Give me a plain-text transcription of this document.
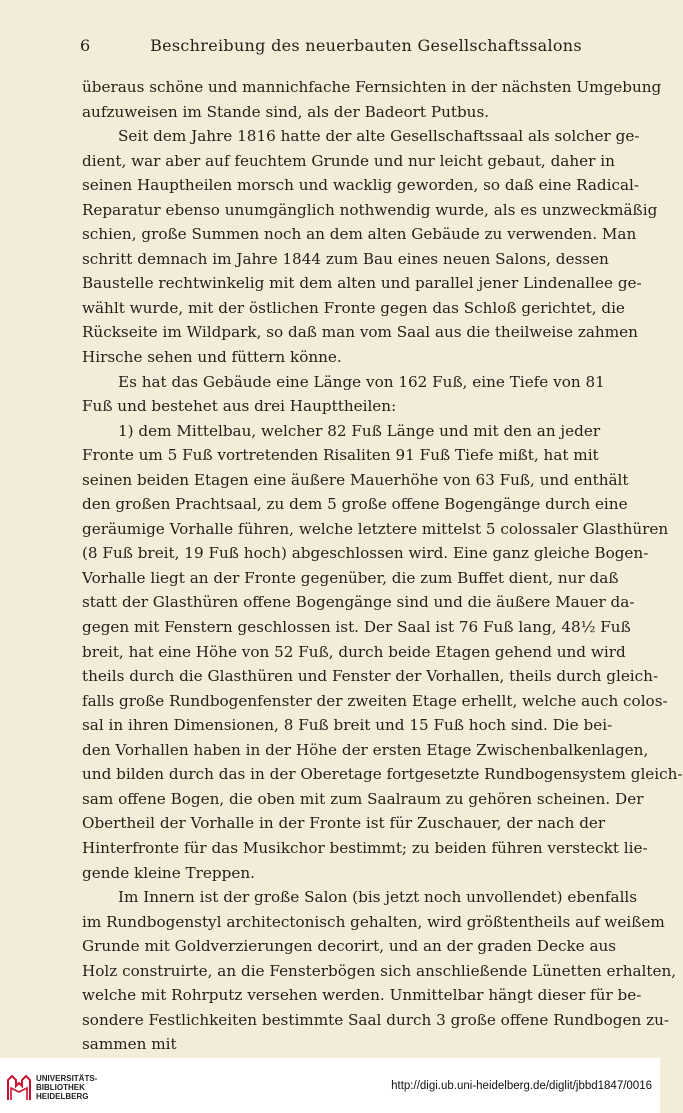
6	Beschreibung des neuerbauten Gesellschaftssalons
überaus schöne und mannichfache Fernsichten in der nächsten Umgebung
aufzuweisen im Stande sind, als der Badeort Putbus.
Seit dem Jahre 1816 hatte der alte Gesellschaftssaal als solcher ge-
dient, war aber auf feuchtem Grunde und nur leicht gebaut, daher in
seinen Hauptheilen morsch und wacklig geworden, so daß eine Radical-
Reparatur ebenso unumgänglich nothwendig wurde, als es unzweckmäßig
schien, große Summen noch an dem alten Gebäude zu verwenden. Man
schritt demnach im Jahre 1844 zum Bau eines neuen Salons, dessen
Baustelle rechtwinkelig mit dem alten und parallel jener Lindenallee ge-
wählt wurde, mit der östlichen Fronte gegen das Schloß gerichtet, die
Rückseite im Wildpark, so daß man vom Saal aus die theilweise zahmen
Hirsche sehen und füttern könne.
Es hat das Gebäude eine Länge von 162 Fuß, eine Tiefe von 81
Fuß und bestehet aus drei Haupttheilen:
1) dem Mittelbau, welcher 82 Fuß Länge und mit den an jeder
Fronte um 5 Fuß vortretenden Risaliten 91 Fuß Tiefe mißt, hat mit
seinen beiden Etagen eine äußere Mauerhöhe von 63 Fuß, und enthält
den großen Prachtsaal, zu dem 5 große offene Bogengänge durch eine
geräumige Vorhalle führen, welche letztere mittelst 5 colossaler Glasthüren
(8 Fuß breit, 19 Fuß hoch) abgeschlossen wird. Eine ganz gleiche Bogen-
Vorhalle liegt an der Fronte gegenüber, die zum Buffet dient, nur daß
statt der Glasthüren offene Bogengänge sind und die äußere Mauer da-
gegen mit Fenstern geschlossen ist. Der Saal ist 76 Fuß lang, 48½ Fuß
breit, hat eine Höhe von 52 Fuß, durch beide Etagen gehend und wird
theils durch die Glasthüren und Fenster der Vorhallen, theils durch gleich-
falls große Rundbogenfenster der zweiten Etage erhellt, welche auch colos-
sal in ihren Dimensionen, 8 Fuß breit und 15 Fuß hoch sind. Die bei-
den Vorhallen haben in der Höhe der ersten Etage Zwischenbalkenlagen,
und bilden durch das in der Oberetage fortgesetzte Rundbogensystem gleich-
sam offene Bogen, die oben mit zum Saalraum zu gehören scheinen. Der
Obertheil der Vorhalle in der Fronte ist für Zuschauer, der nach der
Hinterfronte für das Musikchor bestimmt; zu beiden führen versteckt lie-
gende kleine Treppen.
Im Innern ist der große Salon (bis jetzt noch unvollendet) ebenfalls
im Rundbogenstyl architectonisch gehalten, wird größtentheils auf weißem
Grunde mit Goldverzierungen decorirt, und an der graden Decke aus
Holz construirte, an die Fensterbögen sich anschließende Lünetten erhalten,
welche mit Rohrputz versehen werden. Unmittelbar hängt dieser für be-
sondere Festlichkeiten bestimmte Saal durch 3 große offene Rundbogen zu-
sammen mit
UNIVERSITÄTS-
BIBLIOTHEK
HEIDELBERG
http://digi.ub.uni-heidelberg.de/diglit/jbbd1847/0016
